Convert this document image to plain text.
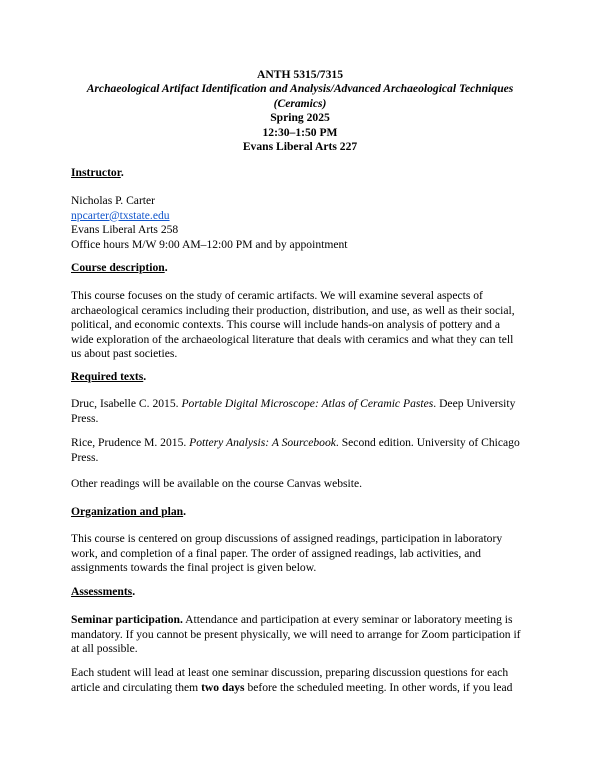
ANTH 5315/7315
Archaeological Artifact Identification and Analysis/Advanced Archaeological Techniques
(Ceramics)
Spring 2025
12:30–1:50 PM
Evans Liberal Arts 227
Instructor.
Nicholas P. Carter
npcarter@txstate.edu
Evans Liberal Arts 258
Office hours M/W 9:00 AM–12:00 PM and by appointment
Course description.
This course focuses on the study of ceramic artifacts. We will examine several aspects of
archaeological ceramics including their production, distribution, and use, as well as their social,
political, and economic contexts. This course will include hands-on analysis of pottery and a
wide exploration of the archaeological literature that deals with ceramics and what they can tell
us about past societies.
Required texts.
Druc, Isabelle C. 2015. Portable Digital Microscope: Atlas of Ceramic Pastes. Deep University
Press.
Rice, Prudence M. 2015. Pottery Analysis: A Sourcebook. Second edition. University of Chicago
Press.
Other readings will be available on the course Canvas website.
Organization and plan.
This course is centered on group discussions of assigned readings, participation in laboratory
work, and completion of a final paper. The order of assigned readings, lab activities, and
assignments towards the final project is given below.
Assessments.
Seminar participation. Attendance and participation at every seminar or laboratory meeting is
mandatory. If you cannot be present physically, we will need to arrange for Zoom participation if
at all possible.
Each student will lead at least one seminar discussion, preparing discussion questions for each
article and circulating them two days before the scheduled meeting. In other words, if you lead
